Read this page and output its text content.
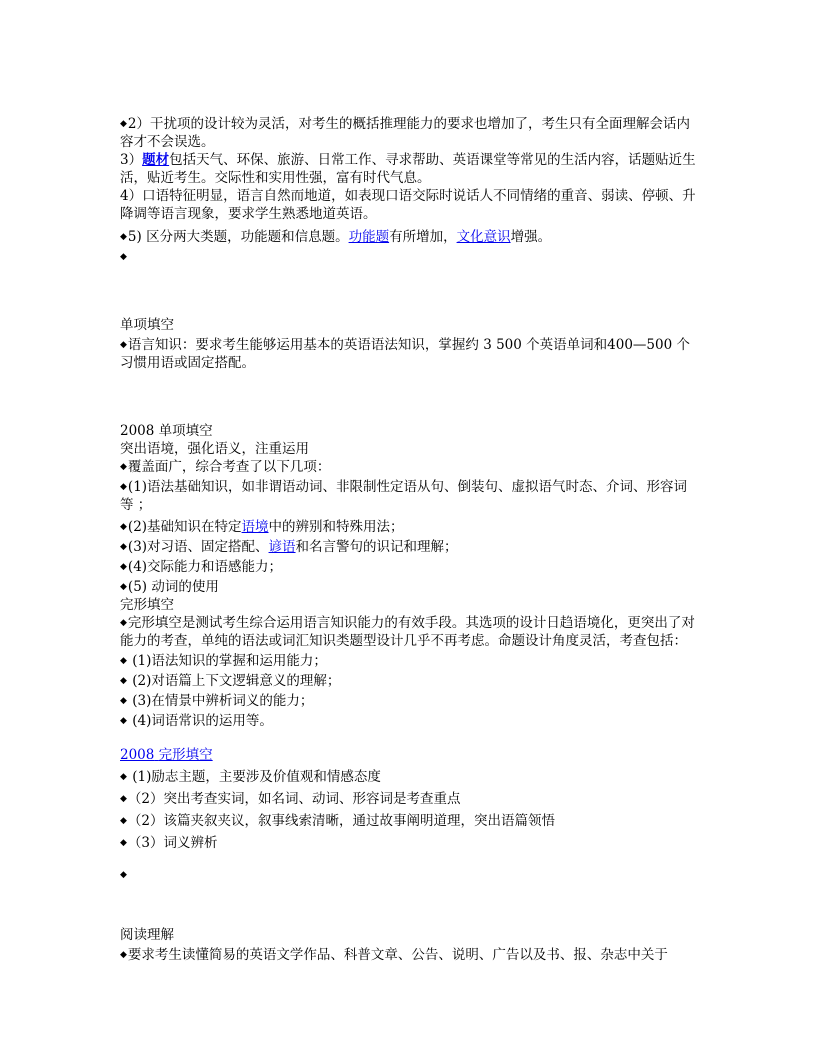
◆2）干扰项的设计较为灵活，对考生的概括推理能力的要求也增加了，考生只有全面理解会话内容才不会误选。

3）题材包括天气、环保、旅游、日常工作、寻求帮助、英语课堂等常见的生活内容，话题贴近生活，贴近考生。交际性和实用性强，富有时代气息。

4）口语特征明显，语言自然而地道，如表现口语交际时说话人不同情绪的重音、弱读、停顿、升降调等语言现象，要求学生熟悉地道英语。

◆5) 区分两大类题，功能题和信息题。功能题有所增加，文化意识增强。

◆

单项填空

◆语言知识：要求考生能够运用基本的英语语法知识，掌握约 3 500 个英语单词和400—500 个习惯用语或固定搭配。

2008 单项填空

突出语境，强化语义，注重运用

◆覆盖面广，综合考查了以下几项：

◆(1)语法基础知识，如非谓语动词、非限制性定语从句、倒装句、虚拟语气时态、介词、形容词等 ；

◆(2)基础知识在特定语境中的辨别和特殊用法；

◆(3)对习语、固定搭配、谚语和名言警句的识记和理解；

◆(4)交际能力和语感能力；

◆(5) 动词的使用

完形填空

◆完形填空是测试考生综合运用语言知识能力的有效手段。其选项的设计日趋语境化，更突出了对能力的考查，单纯的语法或词汇知识类题型设计几乎不再考虑。命题设计角度灵活，考查包括：

◆ (1)语法知识的掌握和运用能力；

◆ (2)对语篇上下文逻辑意义的理解；

◆ (3)在情景中辨析词义的能力；

◆ (4)词语常识的运用等。

2008 完形填空

◆ (1)励志主题，主要涉及价值观和情感态度

◆（2）突出考查实词，如名词、动词、形容词是考查重点

◆（2）该篇夹叙夹议，叙事线索清晰，通过故事阐明道理，突出语篇领悟

◆（3）词义辨析

◆

阅读理解

◆要求考生读懂简易的英语文学作品、科普文章、公告、说明、广告以及书、报、杂志中关于
